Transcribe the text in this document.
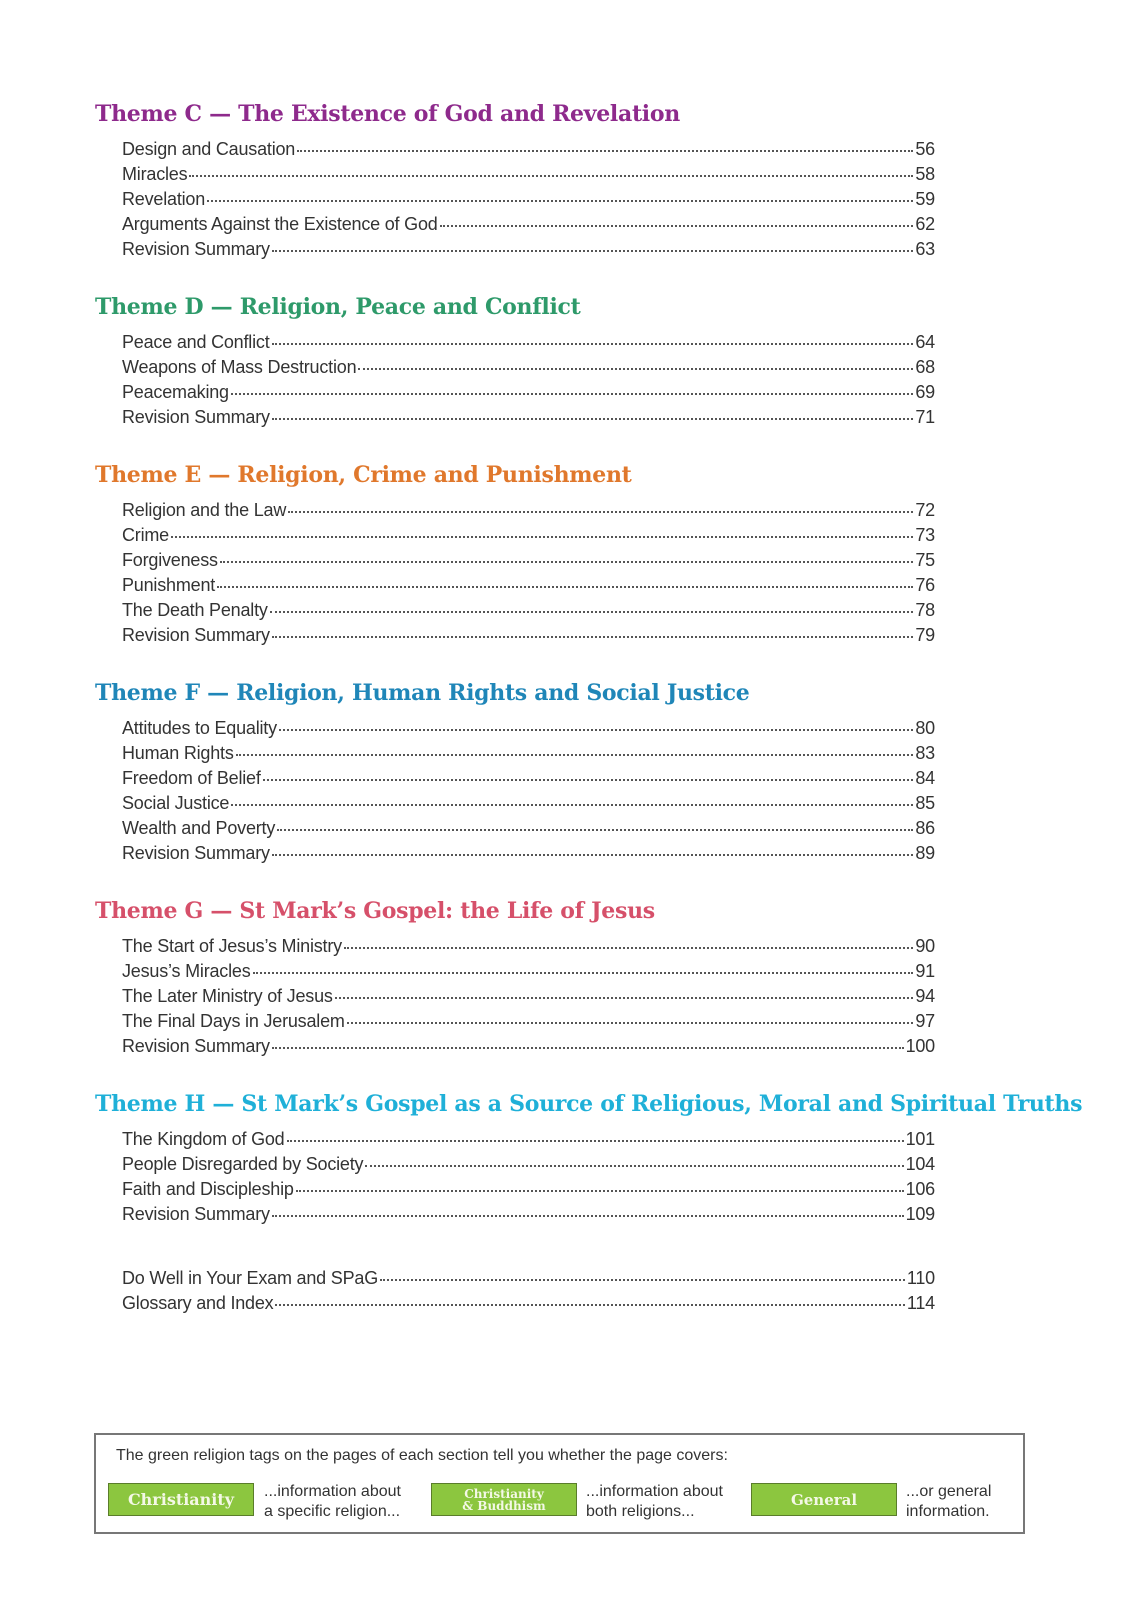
Theme C — The Existence of God and Revelation
Design and Causation	56
Miracles	58
Revelation	59
Arguments Against the Existence of God	62
Revision Summary	63
Theme D — Religion, Peace and Conflict
Peace and Conflict	64
Weapons of Mass Destruction	68
Peacemaking	69
Revision Summary	71
Theme E — Religion, Crime and Punishment
Religion and the Law	72
Crime	73
Forgiveness	75
Punishment	76
The Death Penalty	78
Revision Summary	79
Theme F — Religion, Human Rights and Social Justice
Attitudes to Equality	80
Human Rights	83
Freedom of Belief	84
Social Justice	85
Wealth and Poverty	86
Revision Summary	89
Theme G — St Mark’s Gospel: the Life of Jesus
The Start of Jesus’s Ministry	90
Jesus’s Miracles	91
The Later Ministry of Jesus	94
The Final Days in Jerusalem	97
Revision Summary	100
Theme H — St Mark’s Gospel as a Source of Religious, Moral and Spiritual Truths
The Kingdom of God	101
People Disregarded by Society	104
Faith and Discipleship	106
Revision Summary	109
Do Well in Your Exam and SPaG	110
Glossary and Index	114
The green religion tags on the pages of each section tell you whether the page covers:
Christianity ...information about
a specific religion...
Christianity
& Buddhism
...information about
both religions...
General	...or general
information.
